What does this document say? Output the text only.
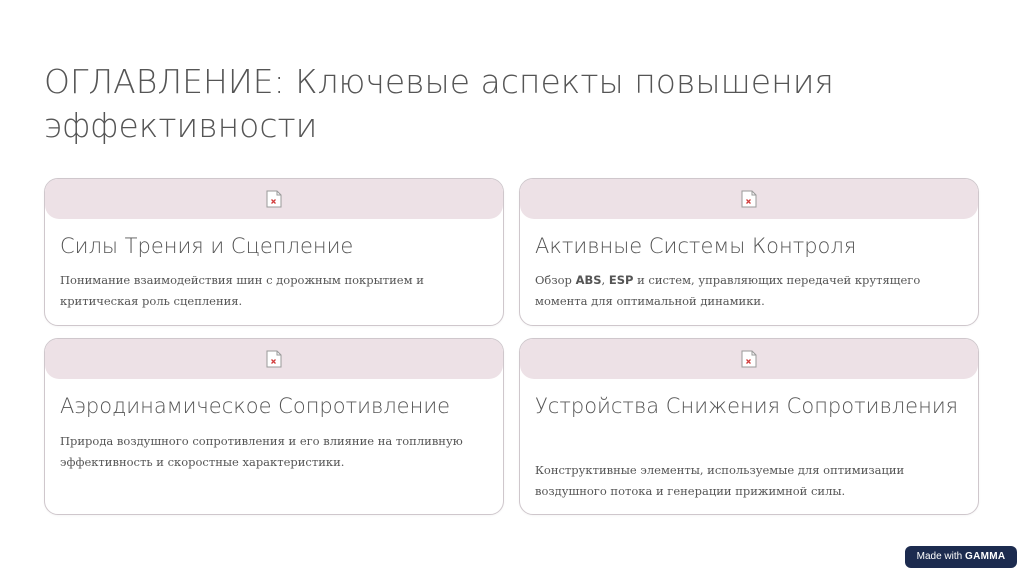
ОГЛАВЛЕНИЕ: Ключевые аспекты повышения эффективности
Силы Трения и Сцепление
Понимание взаимодействия шин с дорожным покрытием и критическая роль сцепления.
Активные Системы Контроля
Обзор ABS, ESP и систем, управляющих передачей крутящего момента для оптимальной динамики.
Аэродинамическое Сопротивление
Природа воздушного сопротивления и его влияние на топливную эффективность и скоростные характеристики.
Устройства Снижения Сопротивления
Конструктивные элементы, используемые для оптимизации воздушного потока и генерации прижимной силы.
Made with GAMMA
